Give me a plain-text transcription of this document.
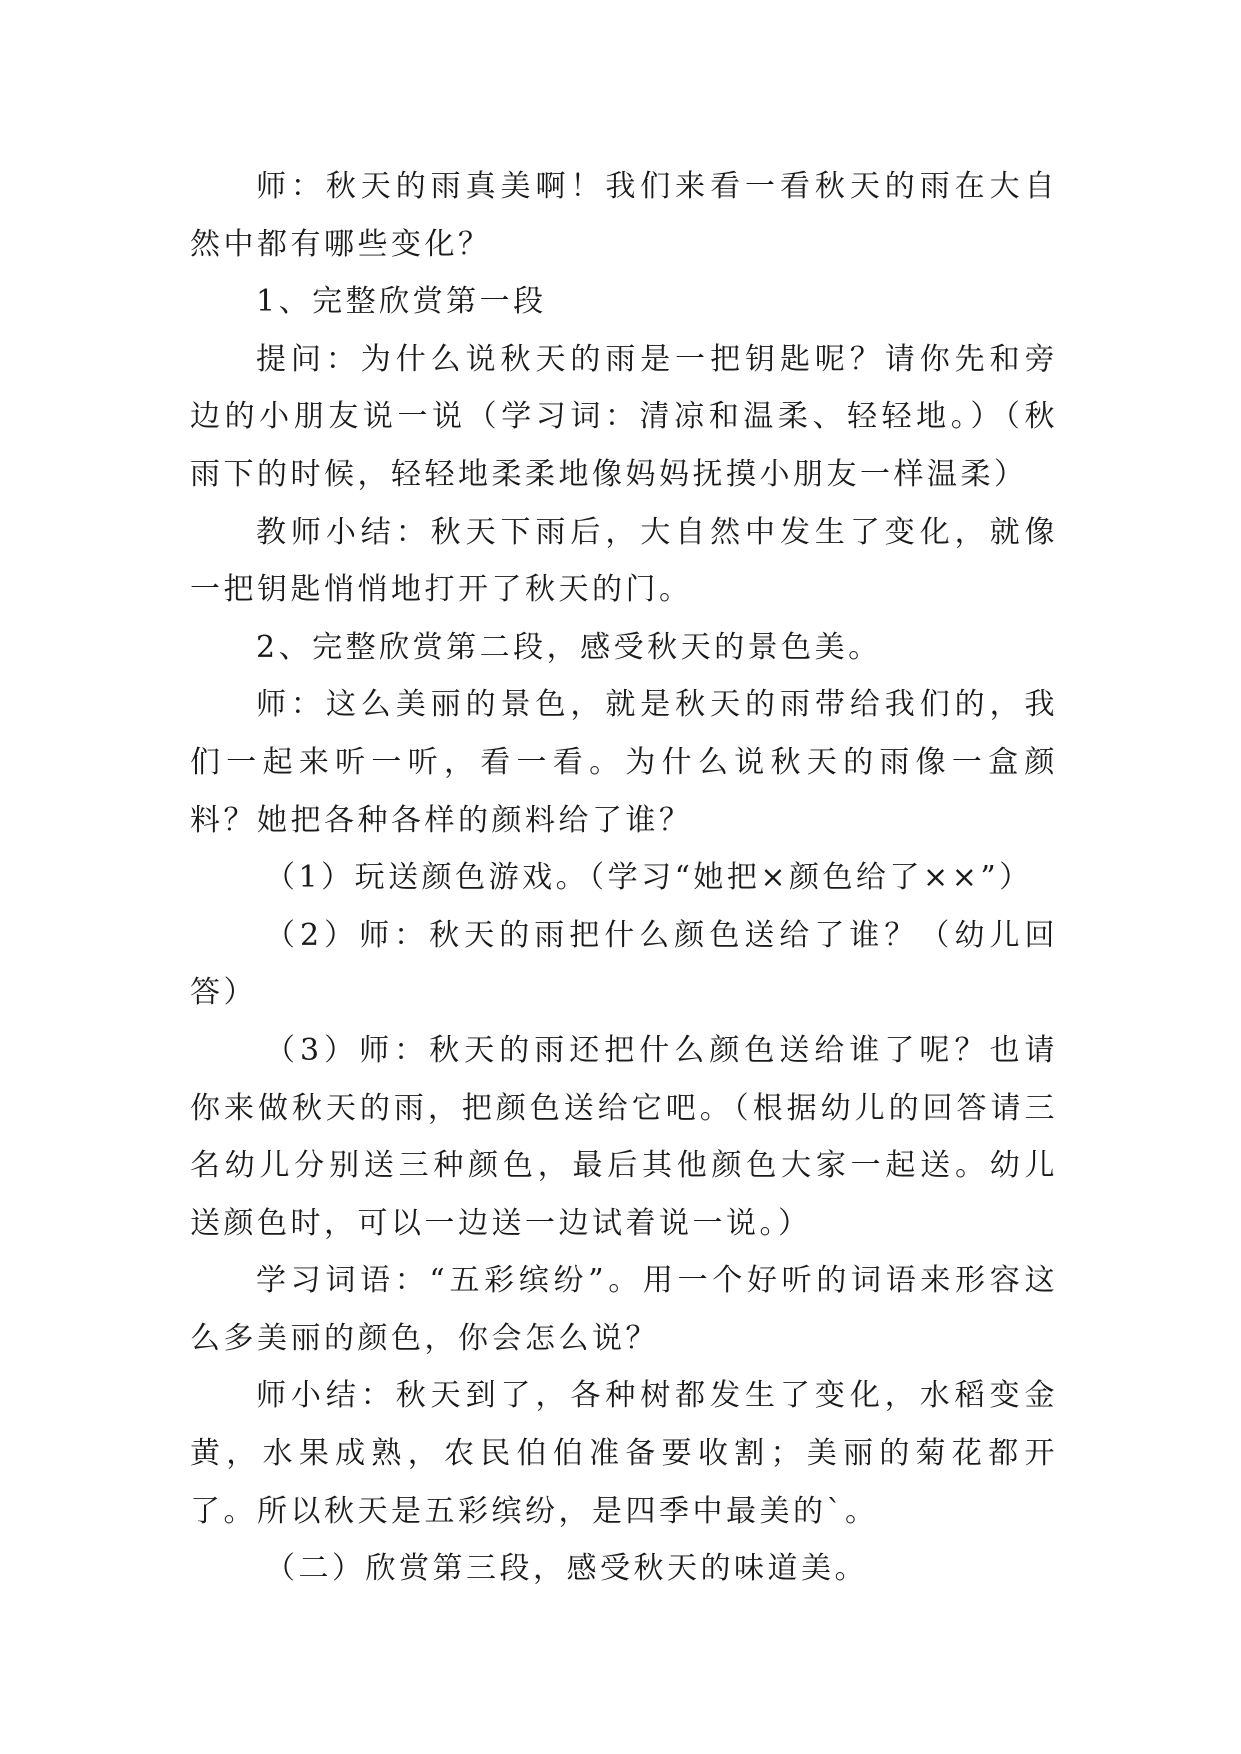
师：秋天的雨真美啊！我们来看一看秋天的雨在大自然中都有哪些变化？

1、完整欣赏第一段

提问：为什么说秋天的雨是一把钥匙呢？请你先和旁边的小朋友说一说（学习词：清凉和温柔、轻轻地。）（秋雨下的时候，轻轻地柔柔地像妈妈抚摸小朋友一样温柔）

教师小结：秋天下雨后，大自然中发生了变化，就像一把钥匙悄悄地打开了秋天的门。

2、完整欣赏第二段，感受秋天的景色美。

师：这么美丽的景色，就是秋天的雨带给我们的，我们一起来听一听，看一看。为什么说秋天的雨像一盒颜料？她把各种各样的颜料给了谁？

（1）玩送颜色游戏。（学习“她把×颜色给了××”）

（2）师：秋天的雨把什么颜色送给了谁？（幼儿回答）

（3）师：秋天的雨还把什么颜色送给谁了呢？也请你来做秋天的雨，把颜色送给它吧。（根据幼儿的回答请三名幼儿分别送三种颜色，最后其他颜色大家一起送。幼儿送颜色时，可以一边送一边试着说一说。）

学习词语：“五彩缤纷”。用一个好听的词语来形容这么多美丽的颜色，你会怎么说？

师小结：秋天到了，各种树都发生了变化，水稻变金黄，水果成熟，农民伯伯准备要收割；美丽的菊花都开了。所以秋天是五彩缤纷，是四季中最美的`。

（二）欣赏第三段，感受秋天的味道美。
